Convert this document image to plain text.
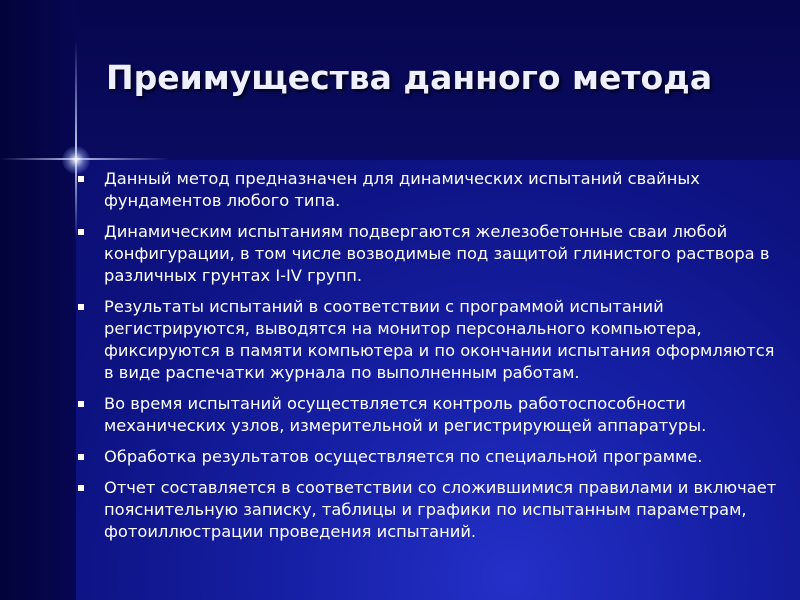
Преимущества данного метода
Данный метод предназначен для динамических испытаний свайных фундаментов любого типа.
Динамическим испытаниям подвергаются железобетонные сваи любой конфигурации, в том числе возводимые под защитой глинистого раствора в различных грунтах I-IV групп.
Результаты испытаний в соответствии с программой испытаний регистрируются, выводятся на монитор персонального компьютера, фиксируются в памяти компьютера и по окончании испытания оформляются в виде распечатки журнала по выполненным работам.
Во время испытаний осуществляется контроль работоспособности механических узлов, измерительной и регистрирующей аппаратуры.
Обработка результатов осуществляется по специальной программе.
Отчет составляется в соответствии со сложившимися правилами и включает пояснительную записку, таблицы и графики по испытанным параметрам, фотоиллюстрации проведения испытаний.
